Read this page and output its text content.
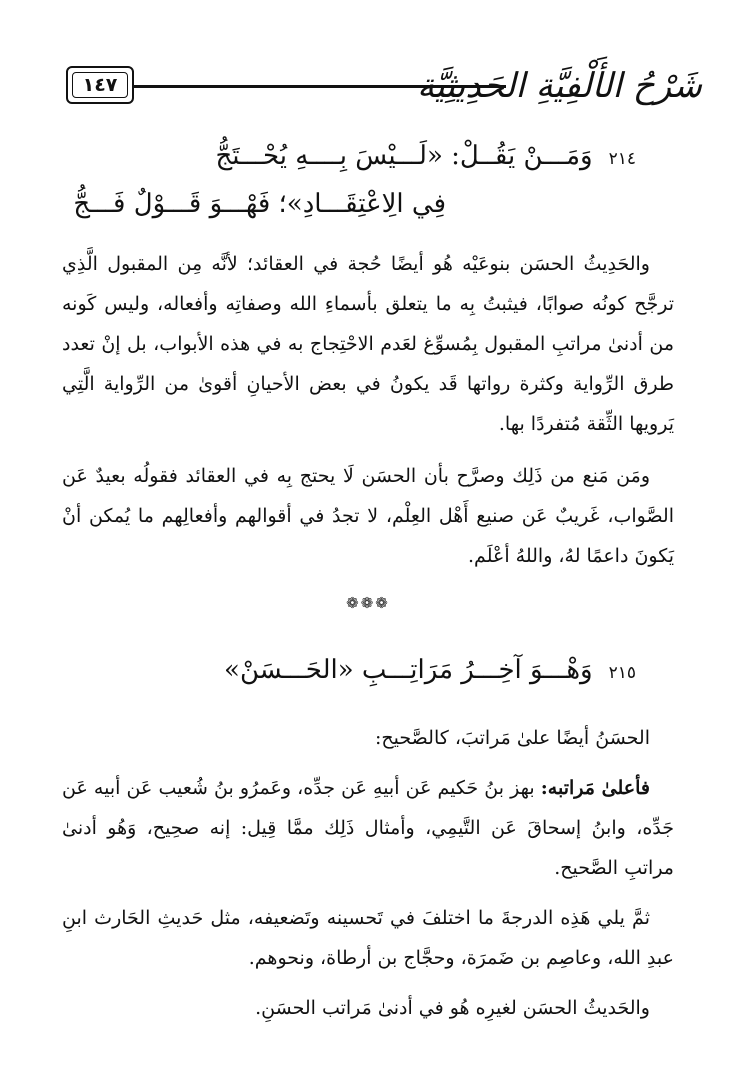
١٤٧	شَرْحُ الأَلْفِيَّةِ الحَدِيثِيَّة
٢١٤وَمَـــنْ يَقُــلْ: «لَـــيْسَ بِــــهِ يُحْـــتَجُّ
فِي الِاعْتِقَـــادِ»؛ فَهْـــوَ قَـــوْلٌ فَـــجُّ

والحَدِيثُ الحسَن بنوعَيْه هُو أيضًا حُجة في العقائد؛ لأنَّه مِن المقبول الَّذِي ترجَّح كونُه صوابًا، فيثبتُ بِه ما يتعلق بأسماءِ الله وصفاتِه وأفعاله، وليس كَونه من أدنىٰ مراتبِ المقبول بِمُسوِّغ لعَدم الاحْتِجاج به في هذه الأبواب، بل إنْ تعدد طرق الرِّواية وكثرة رواتها قَد يكونُ في بعض الأحيانِ أقوىٰ من الرِّواية الَّتِي يَرويها الثِّقة مُتفردًا بها.

ومَن مَنع من ذَلِك وصرَّح بأن الحسَن لَا يحتج بِه في العقائد فقولُه بعيدٌ عَن الصَّواب، غَريبٌ عَن صنيع أَهْل العِلْم، لا تجدُ في أقوالهم وأفعالِهم ما يُمكن أنْ يَكونَ داعمًا لهُ، واللهُ أعْلَم.

❁❁❁
٢١٥وَهْـــوَ آخِـــرُ مَرَاتِـــبِ «الحَـــسَنْ»

الحسَنُ أيضًا علىٰ مَراتبَ، كالصَّحيح:

فأعلىٰ مَراتبه: بهز بنُ حَكيم عَن أبيهِ عَن جدِّه، وعَمرُو بنُ شُعيب عَن أبيه عَن جَدِّه، وابنُ إسحاقَ عَن التَّيمِي، وأمثال ذَلِك ممَّا قِيل: إنه صحِيح، وَهُو أدنىٰ مراتبِ الصَّحيح.

ثمَّ يلي هَذِه الدرجةَ ما اختلفَ في تَحسينه وتَضعيفه، مثل حَديثِ الحَارث ابنِ عبدِ الله، وعاصِم بن ضَمرَة، وحجَّاج بن أرطاة، ونحوهم.

والحَديثُ الحسَن لغيرِه هُو في أدنىٰ مَراتب الحسَنِ.
